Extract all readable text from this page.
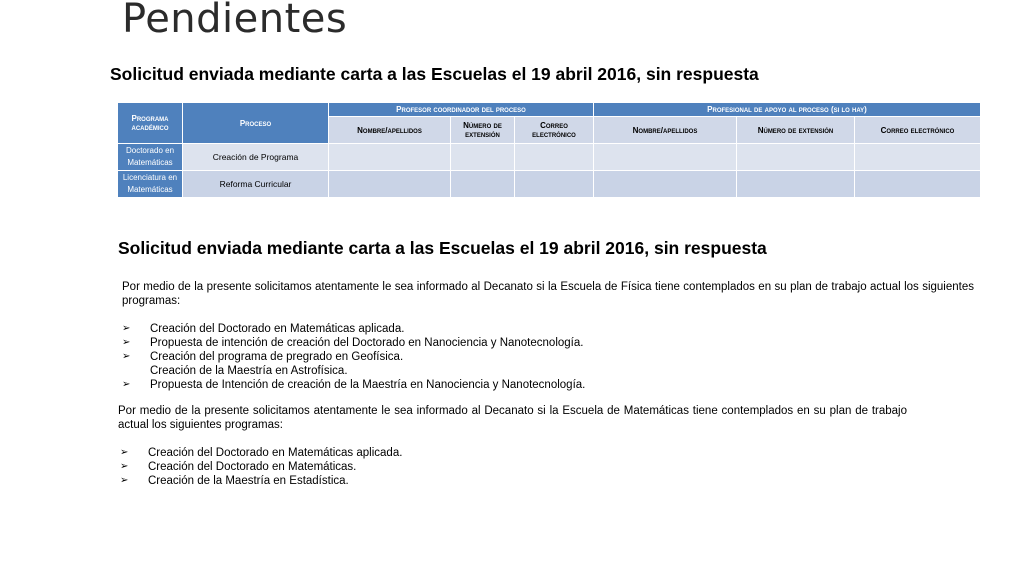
Pendientes
Solicitud enviada mediante carta a las Escuelas el 19 abril 2016, sin respuesta
Programa académico	Proceso	Profesor coordinador del proceso			Profesional de apoyo al proceso (si lo hay)		
		Nombre/apellidos	Número de extensión	Correo electrónico	Nombre/apellidos	Número de extensión	Correo electrónico
Doctorado en Matemáticas	Creación de Programa						
Licenciatura en Matemáticas	Reforma Curricular						
Solicitud enviada mediante carta a las Escuelas el 19 abril 2016, sin respuesta

Por medio de la presente solicitamos atentamente le sea informado al Decanato si la Escuela de Física tiene contemplados en su plan de trabajo actual los siguientes programas:

➢ Creación del Doctorado en Matemáticas aplicada.
➢ Propuesta de intención de creación del Doctorado en Nanociencia y Nanotecnología.
➢ Creación del programa de pregrado en Geofísica.
Creación de la Maestría en Astrofísica.
➢ Propuesta de Intención de creación de la Maestría en Nanociencia y Nanotecnología.

Por medio de la presente solicitamos atentamente le sea informado al Decanato si la Escuela de Matemáticas tiene contemplados en su plan de trabajo actual los siguientes programas:

➢ Creación del Doctorado en Matemáticas aplicada.
➢ Creación del Doctorado en Matemáticas.
➢ Creación de la Maestría en Estadística.
